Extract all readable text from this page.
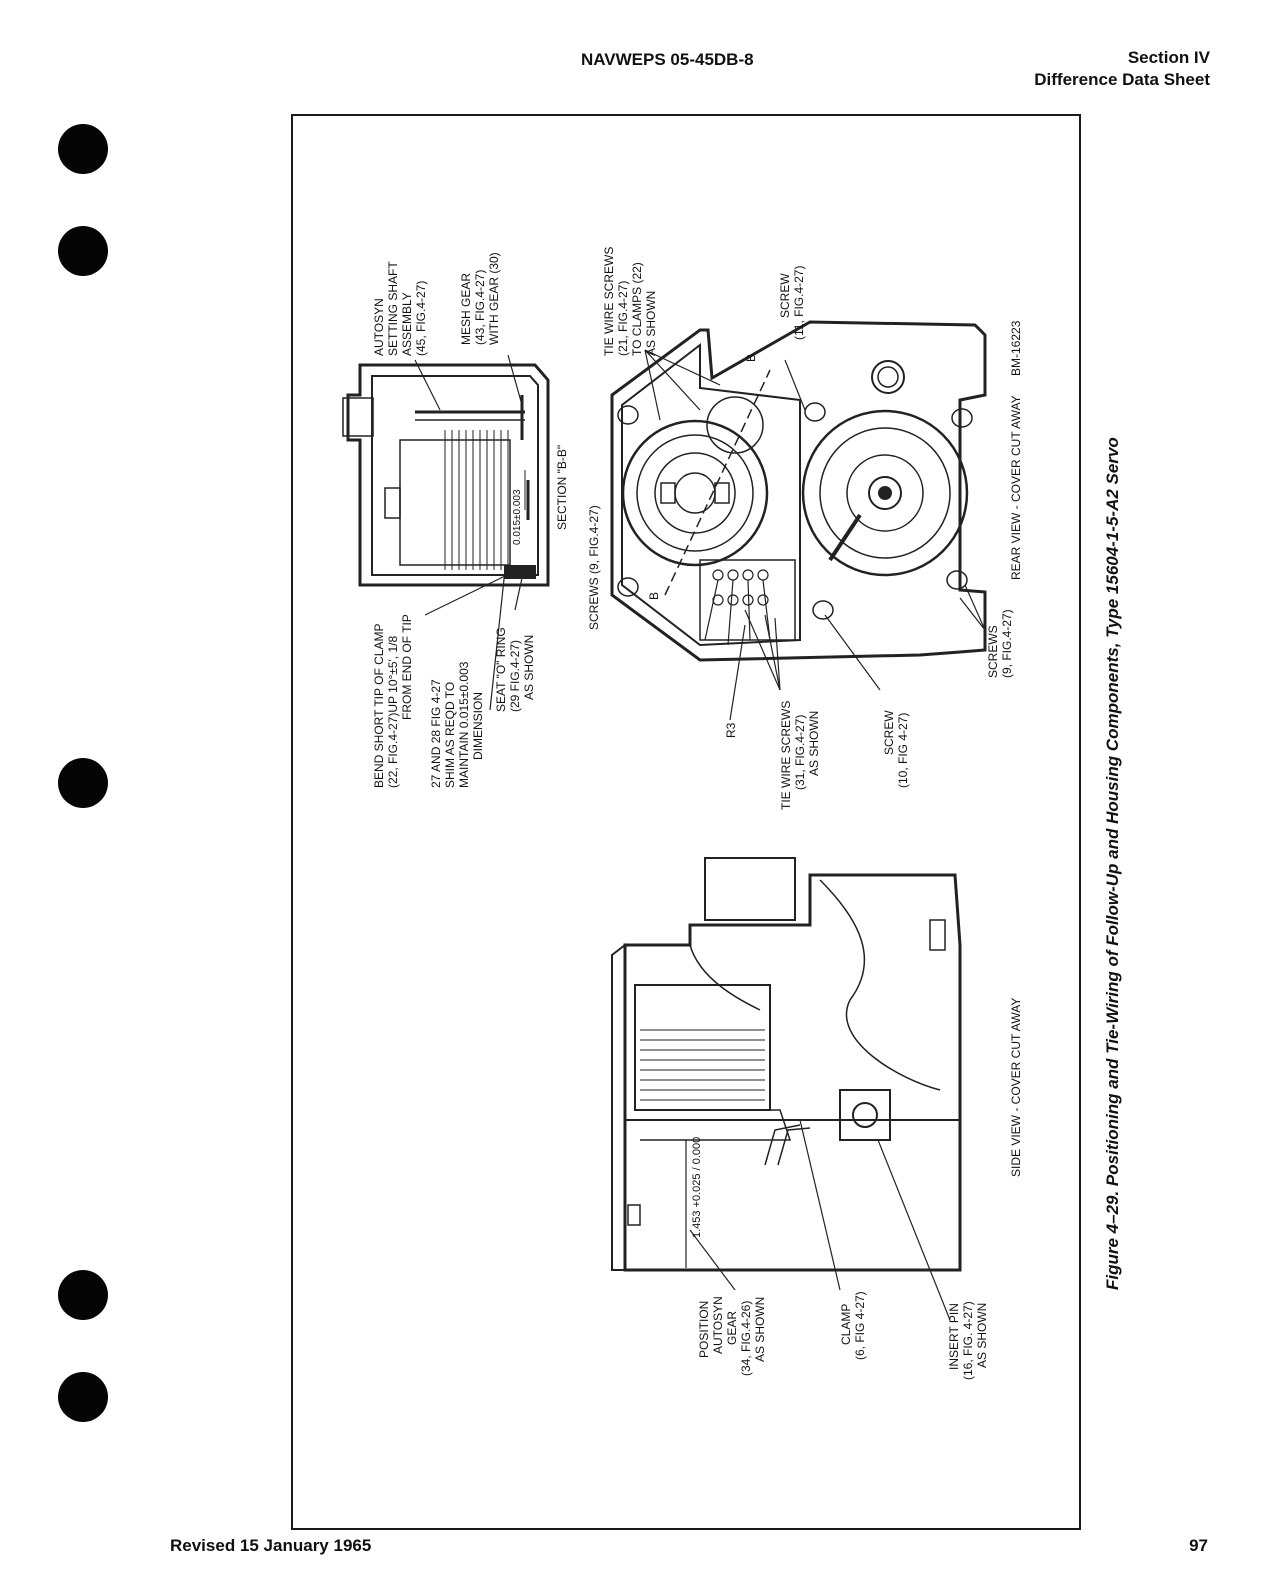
NAVWEPS 05-45DB-8	Section IV
Difference Data Sheet
AUTOSYN SETTING SHAFT ASSEMBLY (45, FIG.4-27)	MESH GEAR (43, FIG.4-27) WITH GEAR (30)
SECTION "B-B"
0.015±0.003
BEND SHORT TIP OF CLAMP (22, FIG.4-27)UP 10°±5', 1/8 FROM END OF TIP
27 AND 28 FIG 4-27 SHIM AS REQD TO MAINTAIN 0.015±0.003 DIMENSION
SEAT "O" RING (29 FIG.4-27) AS SHOWN
TIE WIRE SCREWS (21, FIG.4-27) TO CLAMPS (22) AS SHOWN
SCREWS (9, FIG.4-27)
B
B
SCREW (11, FIG.4-27)
R3	TIE WIRE SCREWS (31, FIG.4-27) AS SHOWN	SCREW (10, FIG 4-27)
SCREWS (9, FIG.4-27)
REAR VIEW - COVER CUT AWAY
BM-16223
SIDE VIEW - COVER CUT AWAY
1.453 +0.025 / 0.000
POSITION AUTOSYN GEAR (34, FIG.4-26) AS SHOWN	CLAMP (6, FIG 4-27)	INSERT PIN (16, FIG. 4-27) AS SHOWN
Figure 4–29. Positioning and Tie-Wiring of Follow-Up and Housing Components, Type 15604-1-5-A2 Servo
Revised 15 January 1965	97
